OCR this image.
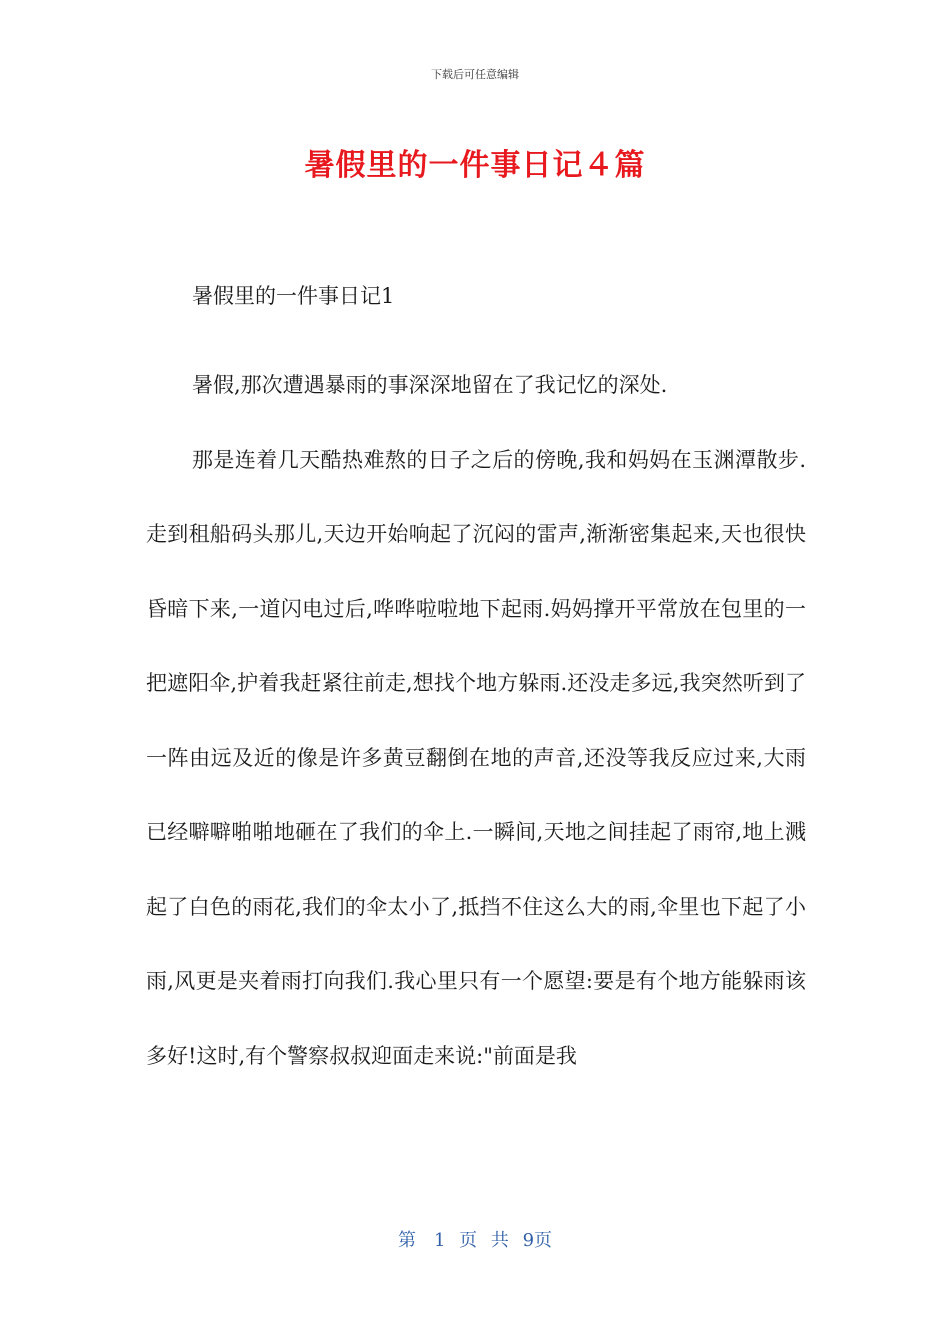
下载后可任意编辑
暑假里的一件事日记４篇
暑假里的一件事日记1

暑假,那次遭遇暴雨的事深深地留在了我记忆的深处.

那是连着几天酷热难熬的日子之后的傍晚,我和妈妈在玉渊潭散步.走到租船码头那儿,天边开始响起了沉闷的雷声,渐渐密集起来,天也很快昏暗下来,一道闪电过后,哗哗啦啦地下起雨.妈妈撑开平常放在包里的一把遮阳伞,护着我赶紧往前走,想找个地方躲雨.还没走多远,我突然听到了一阵由远及近的像是许多黄豆翻倒在地的声音,还没等我反应过来,大雨已经噼噼啪啪地砸在了我们的伞上.一瞬间,天地之间挂起了雨帘,地上溅起了白色的雨花,我们的伞太小了,抵挡不住这么大的雨,伞里也下起了小雨,风更是夹着雨打向我们.我心里只有一个愿望:要是有个地方能躲雨该多好!这时,有个警察叔叔迎面走来说:"前面是我

第　1 页 共 9页
